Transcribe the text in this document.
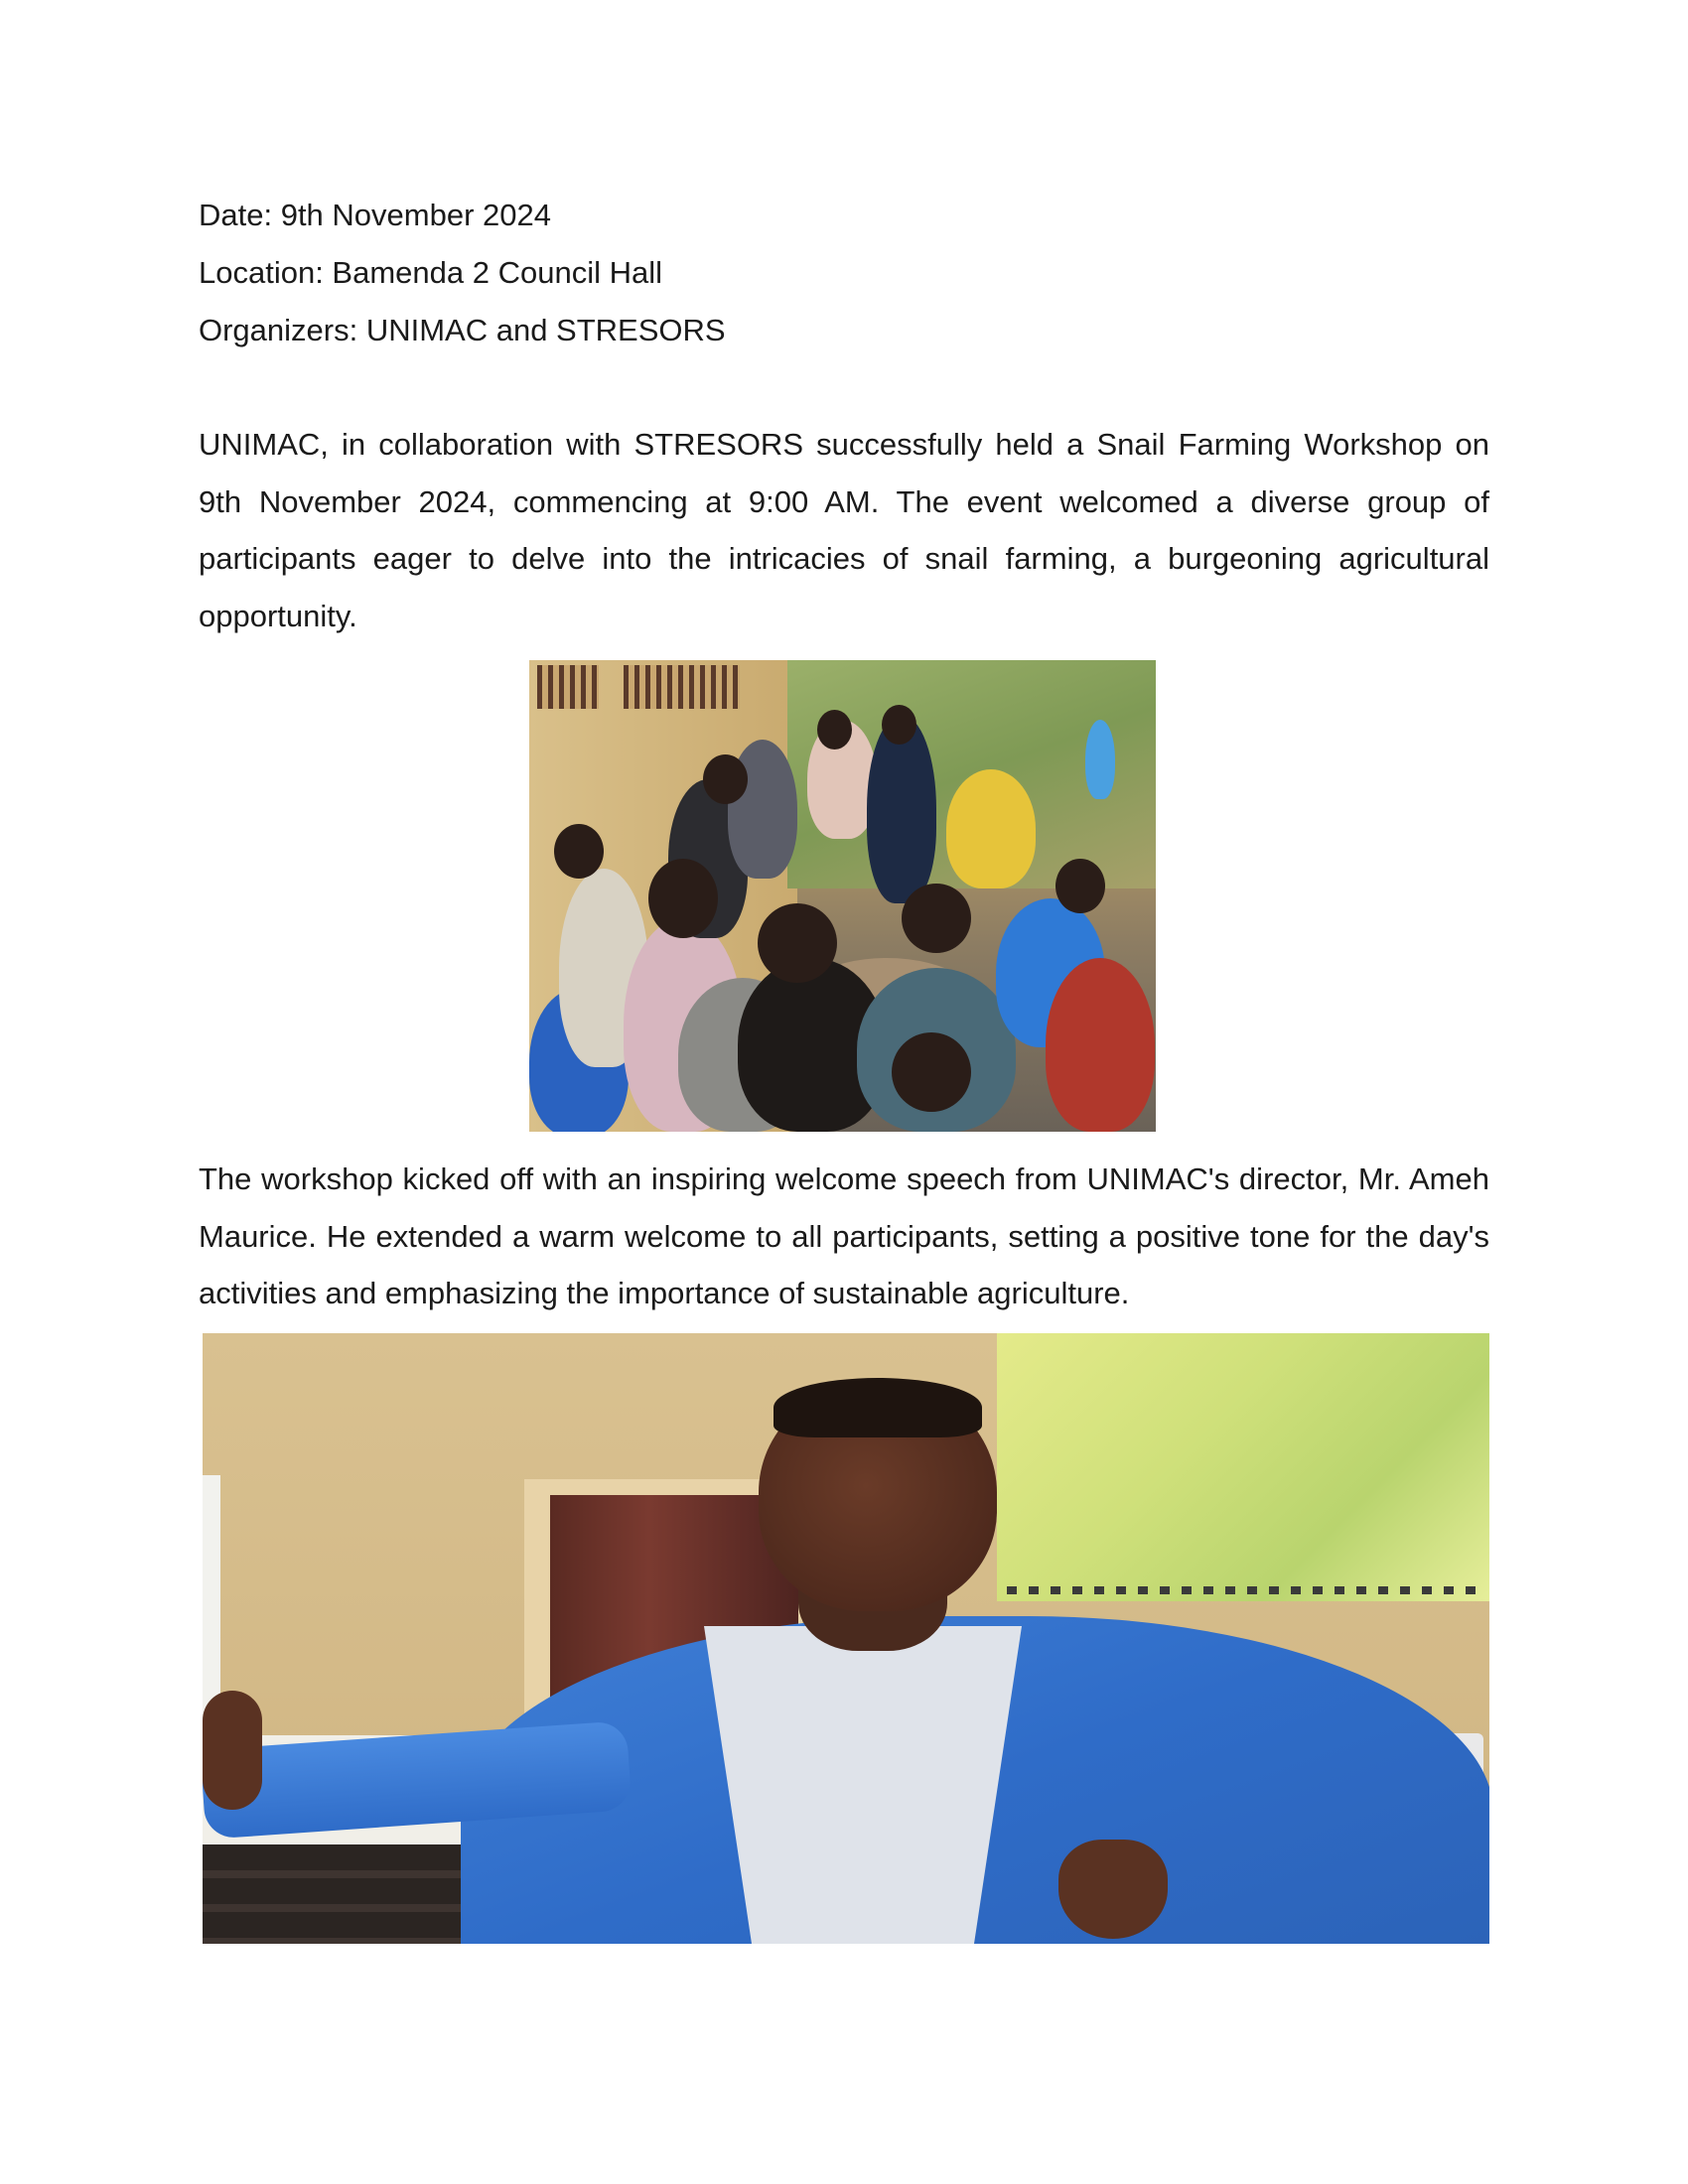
Date: 9th November 2024
Location: Bamenda 2 Council Hall
Organizers: UNIMAC and STRESORS

UNIMAC, in collaboration with STRESORS successfully held a Snail Farming Workshop on 9th November 2024, commencing at 9:00 AM. The event welcomed a diverse group of participants eager to delve into the intricacies of snail farming, a burgeoning agricultural opportunity.

The workshop kicked off with an inspiring welcome speech from UNIMAC's director, Mr. Ameh Maurice. He extended a warm welcome to all participants, setting a positive tone for the day's activities and emphasizing the importance of sustainable agriculture.
